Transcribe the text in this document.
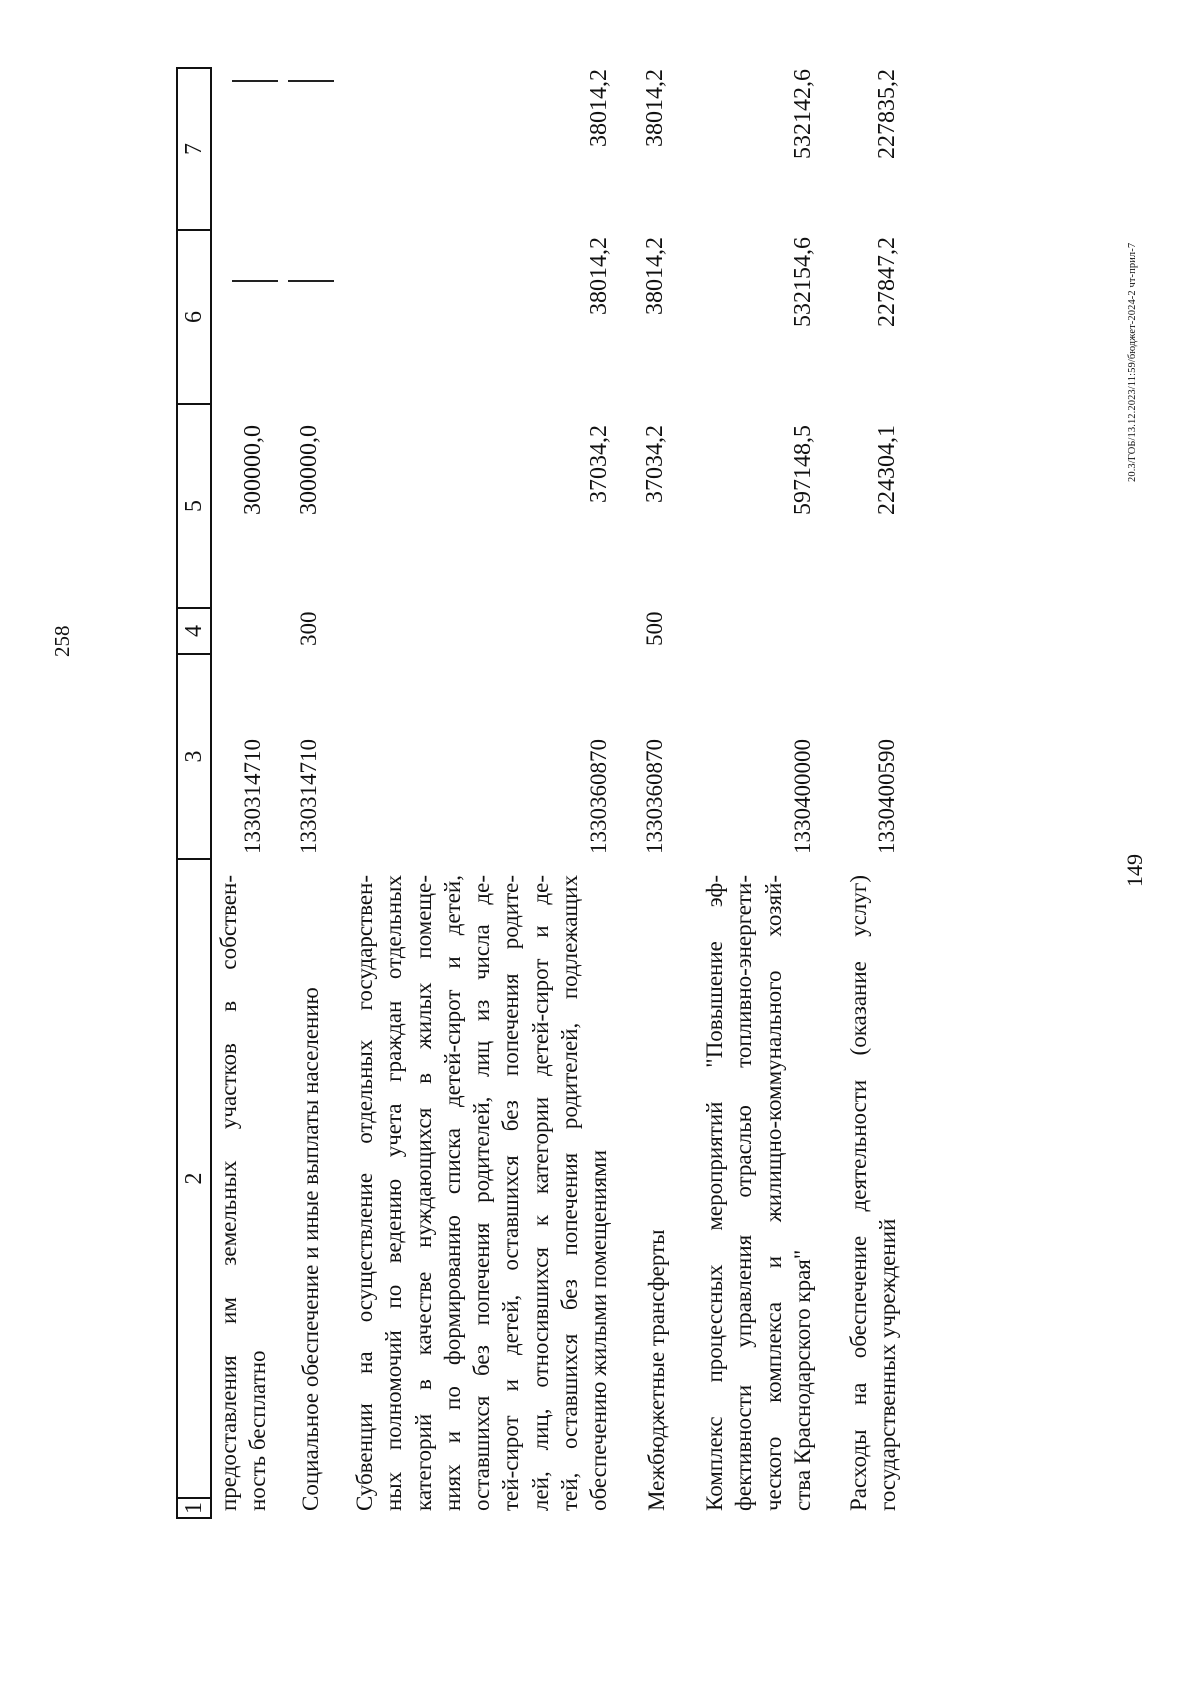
149
258
20.3/ГОБ/13.12.2023/11:59/бюджет-2024-2 чт-прил-7
1
2
3
4
5
6
7
предоставления им земельных участков в собствен- ность бесплатно
1330314710
300000,0
Социальное обеспечение и иные выплаты населению
1330314710
300
300000,0
Субвенции на осуществление отдельных государствен- ных полномочий по ведению учета граждан отдельных категорий в качестве нуждающихся в жилых помеще- ниях и по формированию списка детей-сирот и детей, оставшихся без попечения родителей, лиц из числа де- тей-сирот и детей, оставшихся без попечения родите- лей, лиц, относившихся к категории детей-сирот и де- тей, оставшихся без попечения родителей, подлежащих обеспечению жилыми помещениями
1330360870
37034,2
38014,2
38014,2
Межбюджетные трансферты
1330360870
500
37034,2
38014,2
38014,2
Комплекс процессных мероприятий "Повышение эф- фективности управления отраслью топливно-энергети- ческого комплекса и жилищно-коммунального хозяй- ства Краснодарского края"
1330400000
597148,5
532154,6
532142,6
Расходы на обеспечение деятельности (оказание услуг) государственных учреждений
1330400590
224304,1
227847,2
227835,2
